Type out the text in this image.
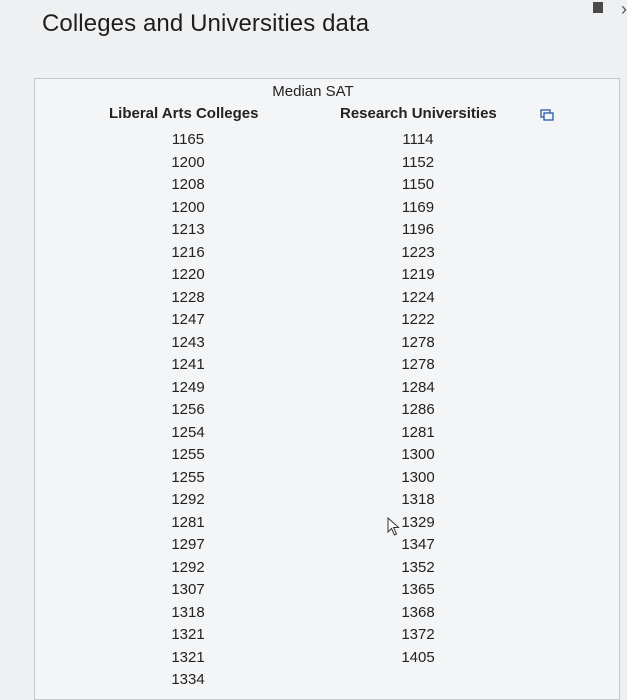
Colleges and Universities data
›
Median SAT
Liberal Arts Colleges	Research Universities
1165
1200
1208
1200
1213
1216
1220
1228
1247
1243
1241
1249
1256
1254
1255
1255
1292
1281
1297
1292
1307
1318
1321
1321
1334
1114
1152
1150
1169
1196
1223
1219
1224
1222
1278
1278
1284
1286
1281
1300
1300
1318
1329
1347
1352
1365
1368
1372
1405
